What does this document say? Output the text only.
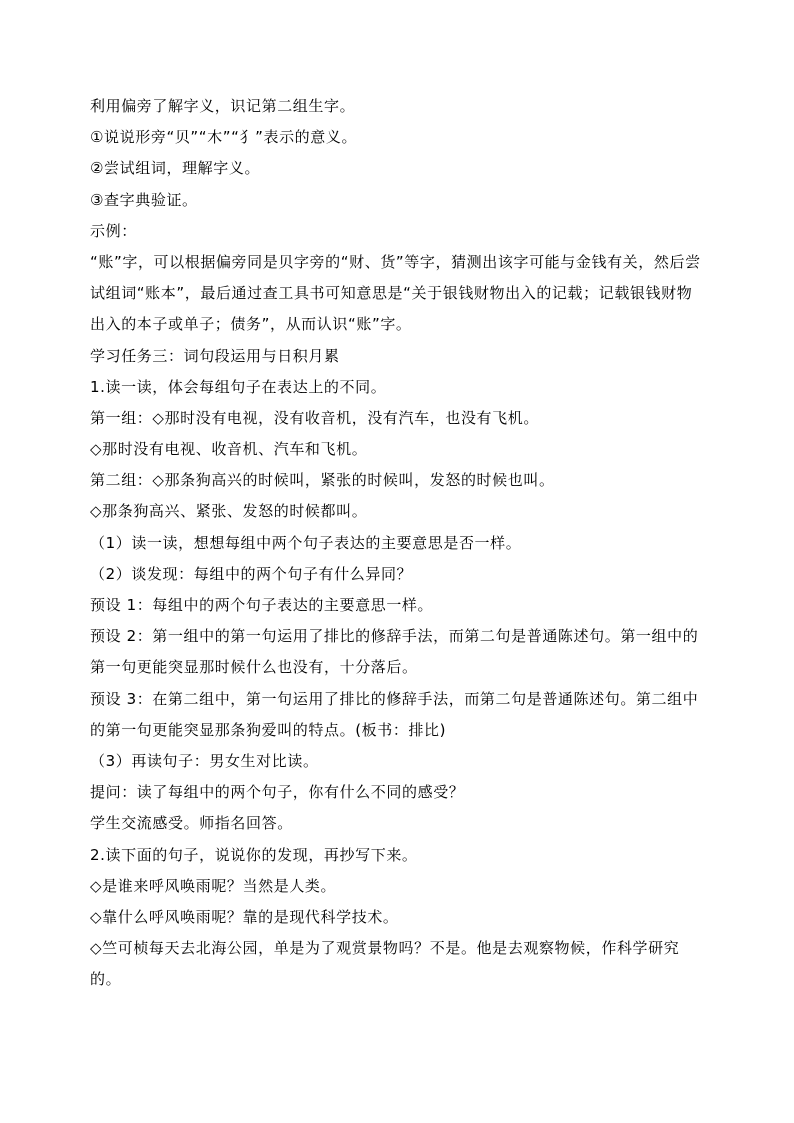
利用偏旁了解字义，识记第二组生字。
①说说形旁“贝”“木”“犭”表示的意义。
②尝试组词，理解字义。
③查字典验证。
示例：
“账”字，可以根据偏旁同是贝字旁的“财、货”等字，猜测出该字可能与金钱有关，然后尝试组词“账本”，最后通过查工具书可知意思是“关于银钱财物出入的记载；记载银钱财物出入的本子或单子；债务”，从而认识“账”字。
学习任务三：词句段运用与日积月累
1.读一读，体会每组句子在表达上的不同。
第一组：◇那时没有电视，没有收音机，没有汽车，也没有飞机。
◇那时没有电视、收音机、汽车和飞机。
第二组：◇那条狗高兴的时候叫，紧张的时候叫，发怒的时候也叫。
◇那条狗高兴、紧张、发怒的时候都叫。
（1）读一读，想想每组中两个句子表达的主要意思是否一样。
（2）谈发现：每组中的两个句子有什么异同？
预设 1：每组中的两个句子表达的主要意思一样。
预设 2：第一组中的第一句运用了排比的修辞手法，而第二句是普通陈述句。第一组中的第一句更能突显那时候什么也没有，十分落后。
预设 3：在第二组中，第一句运用了排比的修辞手法，而第二句是普通陈述句。第二组中的第一句更能突显那条狗爱叫的特点。(板书：排比)
（3）再读句子：男女生对比读。
提问：读了每组中的两个句子，你有什么不同的感受？
学生交流感受。师指名回答。
2.读下面的句子，说说你的发现，再抄写下来。
◇是谁来呼风唤雨呢？当然是人类。
◇靠什么呼风唤雨呢？靠的是现代科学技术。
◇竺可桢每天去北海公园，单是为了观赏景物吗？不是。他是去观察物候，作科学研究的。
